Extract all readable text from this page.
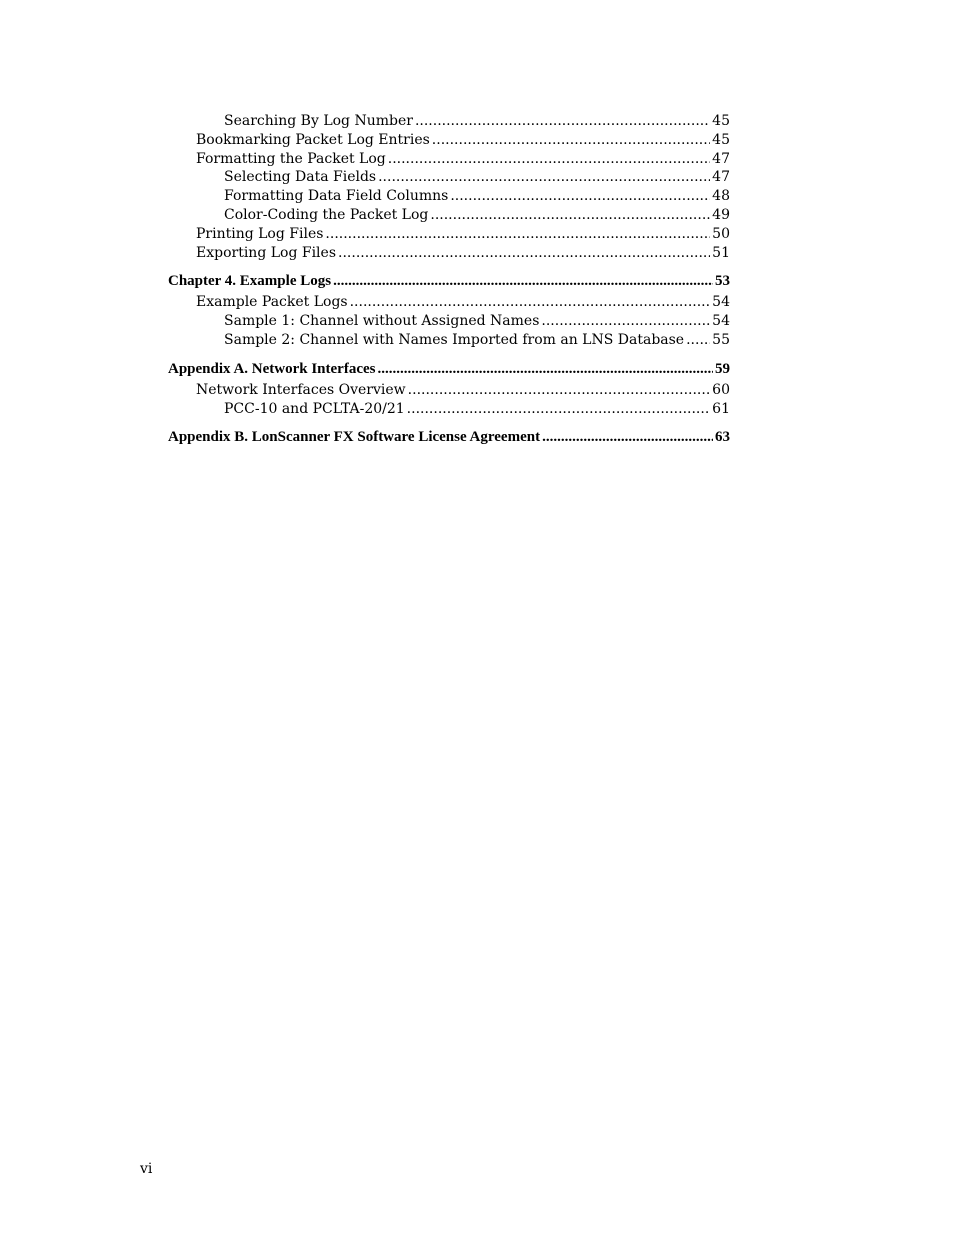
Searching By Log Number .....	45
Bookmarking Packet Log Entries .....	45
Formatting the Packet Log .....	47
Selecting Data Fields .....	47
Formatting Data Field Columns .....	48
Color-Coding the Packet Log .....	49
Printing Log Files .....	50
Exporting Log Files .....	51
Chapter 4. Example Logs .....	53
Example Packet Logs .....	54
Sample 1: Channel without Assigned Names .....	54
Sample 2: Channel with Names Imported from an LNS Database ..... 55
Appendix A. Network Interfaces .....	59
Network Interfaces Overview .....	60
PCC-10 and PCLTA-20/21 .....	61
Appendix B. LonScanner FX Software License Agreement .....	63
vi
